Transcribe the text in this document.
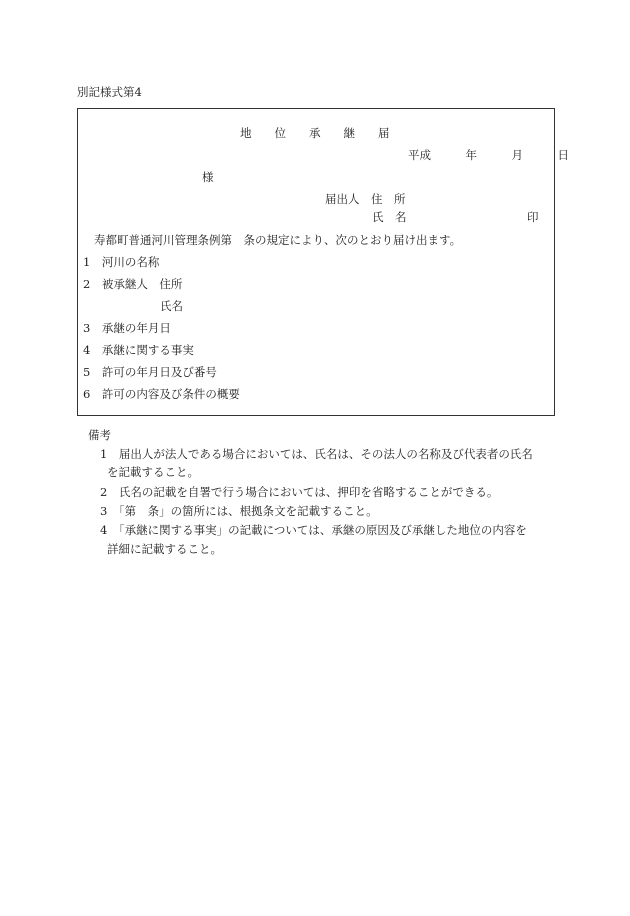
別記様式第4
地　　位　　承　　継　　届
平成　　　年　　　月　　　日
様
届出人　住　所
氏　名	印
寿都町普通河川管理条例第　条の規定により、次のとおり届け出ます。
1　河川の名称
2　被承継人　住所
氏名
3　承継の年月日
4　承継に関する事実
5　許可の年月日及び番号
6　許可の内容及び条件の概要
備考
1　届出人が法人である場合においては、氏名は、その法人の名称及び代表者の氏名
を記載すること。
2　氏名の記載を自署で行う場合においては、押印を省略することができる。
3　「第　条」の箇所には、根拠条文を記載すること。
4　「承継に関する事実」の記載については、承継の原因及び承継した地位の内容を
詳細に記載すること。
